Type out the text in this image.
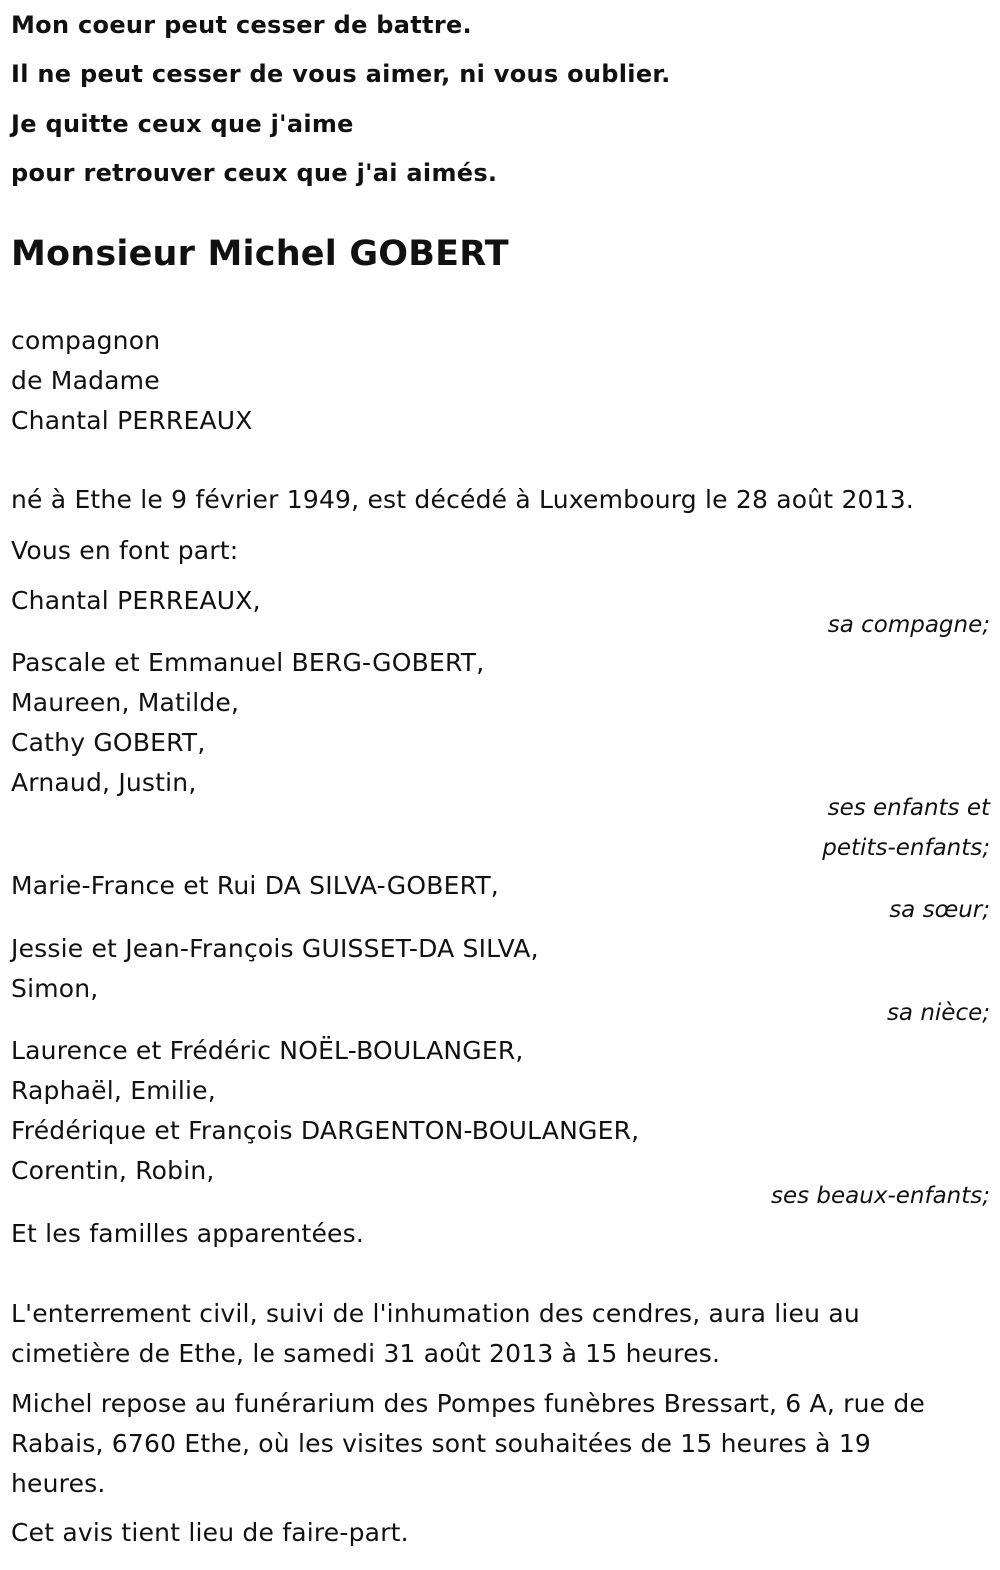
Mon coeur peut cesser de battre.
Il ne peut cesser de vous aimer, ni vous oublier.
Je quitte ceux que j'aime
pour retrouver ceux que j'ai aimés.
Monsieur Michel GOBERT
compagnon
de Madame
Chantal PERREAUX
né à Ethe le 9 février 1949, est décédé à Luxembourg le 28 août 2013.
Vous en font part:
Chantal PERREAUX,
sa compagne;
Pascale et Emmanuel BERG-GOBERT,
Maureen, Matilde,
Cathy GOBERT,
Arnaud, Justin,
ses enfants et
petits-enfants;
Marie-France et Rui DA SILVA-GOBERT,
sa sœur;
Jessie et Jean-François GUISSET-DA SILVA,
Simon,
sa nièce;
Laurence et Frédéric NOËL-BOULANGER,
Raphaël, Emilie,
Frédérique et François DARGENTON-BOULANGER,
Corentin, Robin,
ses beaux-enfants;
Et les familles apparentées.
L'enterrement civil, suivi de l'inhumation des cendres, aura lieu au
cimetière de Ethe, le samedi 31 août 2013 à 15 heures.
Michel repose au funérarium des Pompes funèbres Bressart, 6 A, rue de
Rabais, 6760 Ethe, où les visites sont souhaitées de 15 heures à 19
heures.
Cet avis tient lieu de faire-part.
